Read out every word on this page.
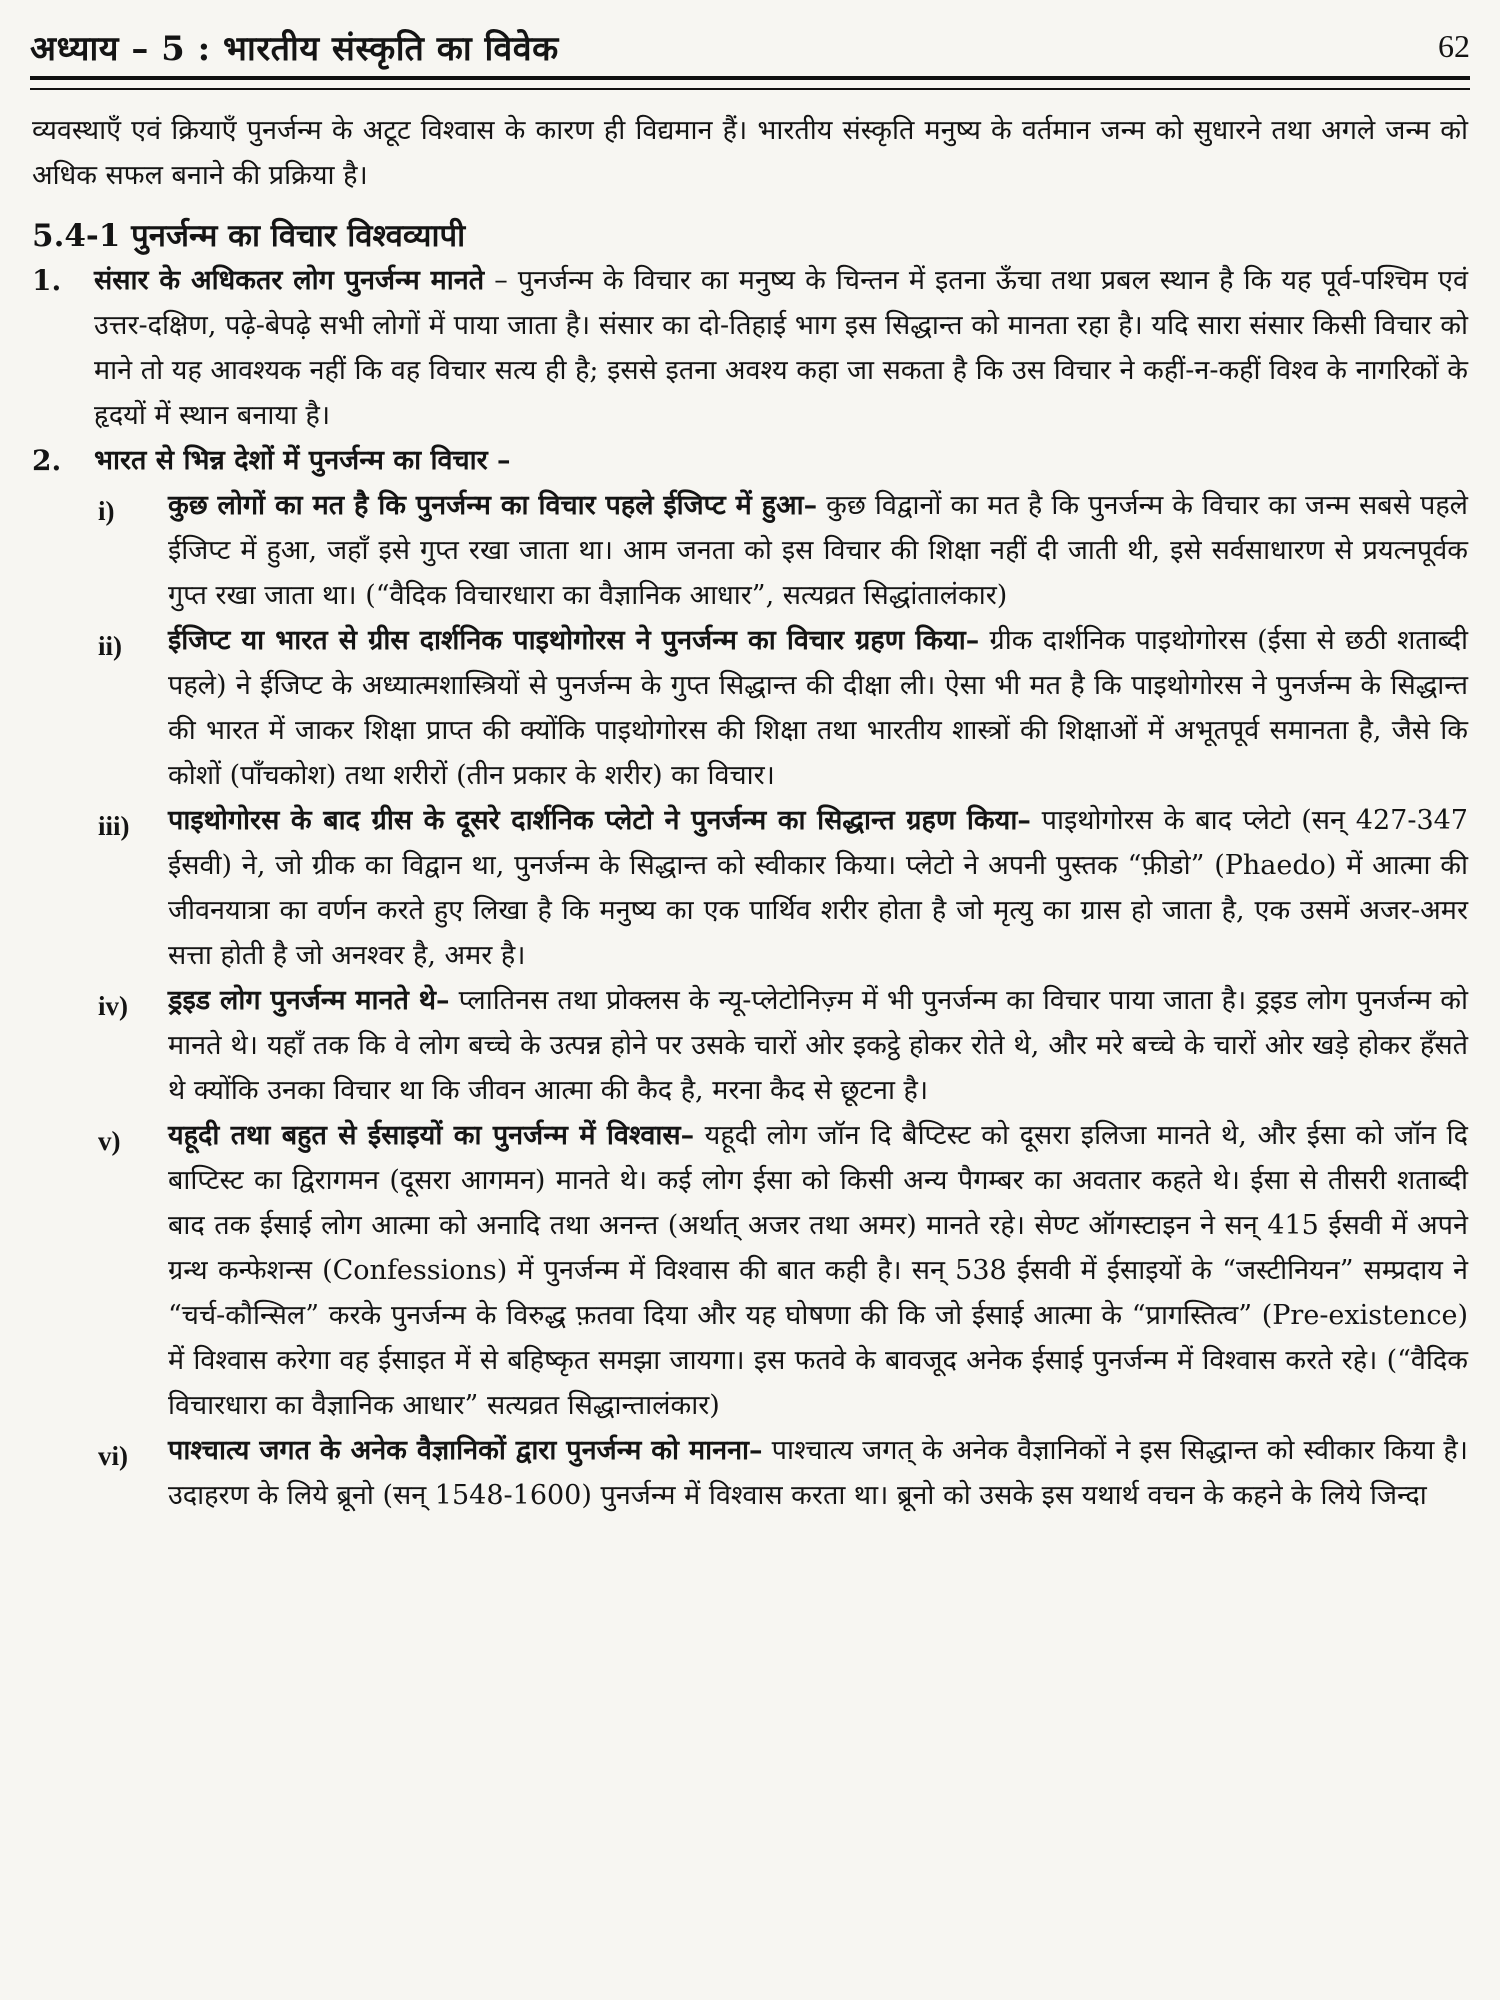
अध्याय – 5 : भारतीय संस्कृति का विवेक	62

व्यवस्थाएँ एवं क्रियाएँ पुनर्जन्म के अटूट विश्वास के कारण ही विद्यमान हैं। भारतीय संस्कृति मनुष्य के वर्तमान जन्म को सुधारने तथा अगले जन्म को अधिक सफल बनाने की प्रक्रिया है।

5.4-1 पुनर्जन्म का विचार विश्वव्यापी

1. संसार के अधिकतर लोग पुनर्जन्म मानते – पुनर्जन्म के विचार का मनुष्य के चिन्तन में इतना ऊँचा तथा प्रबल स्थान है कि यह पूर्व-पश्चिम एवं उत्तर-दक्षिण, पढ़े-बेपढ़े सभी लोगों में पाया जाता है। संसार का दो-तिहाई भाग इस सिद्धान्त को मानता रहा है। यदि सारा संसार किसी विचार को माने तो यह आवश्यक नहीं कि वह विचार सत्य ही है; इससे इतना अवश्य कहा जा सकता है कि उस विचार ने कहीं-न-कहीं विश्व के नागरिकों के हृदयों में स्थान बनाया है।

2. भारत से भिन्न देशों में पुनर्जन्म का विचार –

i) कुछ लोगों का मत है कि पुनर्जन्म का विचार पहले ईजिप्ट में हुआ– कुछ विद्वानों का मत है कि पुनर्जन्म के विचार का जन्म सबसे पहले ईजिप्ट में हुआ, जहाँ इसे गुप्त रखा जाता था। आम जनता को इस विचार की शिक्षा नहीं दी जाती थी, इसे सर्वसाधारण से प्रयत्नपूर्वक गुप्त रखा जाता था। (“वैदिक विचारधारा का वैज्ञानिक आधार”, सत्यव्रत सिद्धांतालंकार)

ii) ईजिप्ट या भारत से ग्रीस दार्शनिक पाइथोगोरस ने पुनर्जन्म का विचार ग्रहण किया– ग्रीक दार्शनिक पाइथोगोरस (ईसा से छठी शताब्दी पहले) ने ईजिप्ट के अध्यात्मशास्त्रियों से पुनर्जन्म के गुप्त सिद्धान्त की दीक्षा ली। ऐसा भी मत है कि पाइथोगोरस ने पुनर्जन्म के सिद्धान्त की भारत में जाकर शिक्षा प्राप्त की क्योंकि पाइथोगोरस की शिक्षा तथा भारतीय शास्त्रों की शिक्षाओं में अभूतपूर्व समानता है, जैसे कि कोशों (पाँचकोश) तथा शरीरों (तीन प्रकार के शरीर) का विचार।

iii) पाइथोगोरस के बाद ग्रीस के दूसरे दार्शनिक प्लेटो ने पुनर्जन्म का सिद्धान्त ग्रहण किया– पाइथोगोरस के बाद प्लेटो (सन् 427-347 ईसवी) ने, जो ग्रीक का विद्वान था, पुनर्जन्म के सिद्धान्त को स्वीकार किया। प्लेटो ने अपनी पुस्तक “फ़ीडो” (Phaedo) में आत्मा की जीवनयात्रा का वर्णन करते हुए लिखा है कि मनुष्य का एक पार्थिव शरीर होता है जो मृत्यु का ग्रास हो जाता है, एक उसमें अजर-अमर सत्ता होती है जो अनश्वर है, अमर है।

iv) ड्रइड लोग पुनर्जन्म मानते थे– प्लातिनस तथा प्रोक्लस के न्यू-प्लेटोनिज़्म में भी पुनर्जन्म का विचार पाया जाता है। ड्रइड लोग पुनर्जन्म को मानते थे। यहाँ तक कि वे लोग बच्चे के उत्पन्न होने पर उसके चारों ओर इकट्ठे होकर रोते थे, और मरे बच्चे के चारों ओर खड़े होकर हँसते थे क्योंकि उनका विचार था कि जीवन आत्मा की कैद है, मरना कैद से छूटना है।

v) यहूदी तथा बहुत से ईसाइयों का पुनर्जन्म में विश्वास– यहूदी लोग जॉन दि बैप्टिस्ट को दूसरा इलिजा मानते थे, और ईसा को जॉन दि बाप्टिस्ट का द्विरागमन (दूसरा आगमन) मानते थे। कई लोग ईसा को किसी अन्य पैगम्बर का अवतार कहते थे। ईसा से तीसरी शताब्दी बाद तक ईसाई लोग आत्मा को अनादि तथा अनन्त (अर्थात् अजर तथा अमर) मानते रहे। सेण्ट ऑगस्टाइन ने सन् 415 ईसवी में अपने ग्रन्थ कन्फेशन्स (Confessions) में पुनर्जन्म में विश्वास की बात कही है। सन् 538 ईसवी में ईसाइयों के “जस्टीनियन” सम्प्रदाय ने “चर्च-कौन्सिल” करके पुनर्जन्म के विरुद्ध फ़तवा दिया और यह घोषणा की कि जो ईसाई आत्मा के “प्रागस्तित्व” (Pre-existence) में विश्वास करेगा वह ईसाइत में से बहिष्कृत समझा जायगा। इस फतवे के बावजूद अनेक ईसाई पुनर्जन्म में विश्वास करते रहे। (“वैदिक विचारधारा का वैज्ञानिक आधार” सत्यव्रत सिद्धान्तालंकार)

vi) पाश्चात्य जगत के अनेक वैज्ञानिकों द्वारा पुनर्जन्म को मानना– पाश्चात्य जगत् के अनेक वैज्ञानिकों ने इस सिद्धान्त को स्वीकार किया है। उदाहरण के लिये ब्रूनो (सन् 1548-1600) पुनर्जन्म में विश्वास करता था। ब्रूनो को उसके इस यथार्थ वचन के कहने के लिये जिन्दा
